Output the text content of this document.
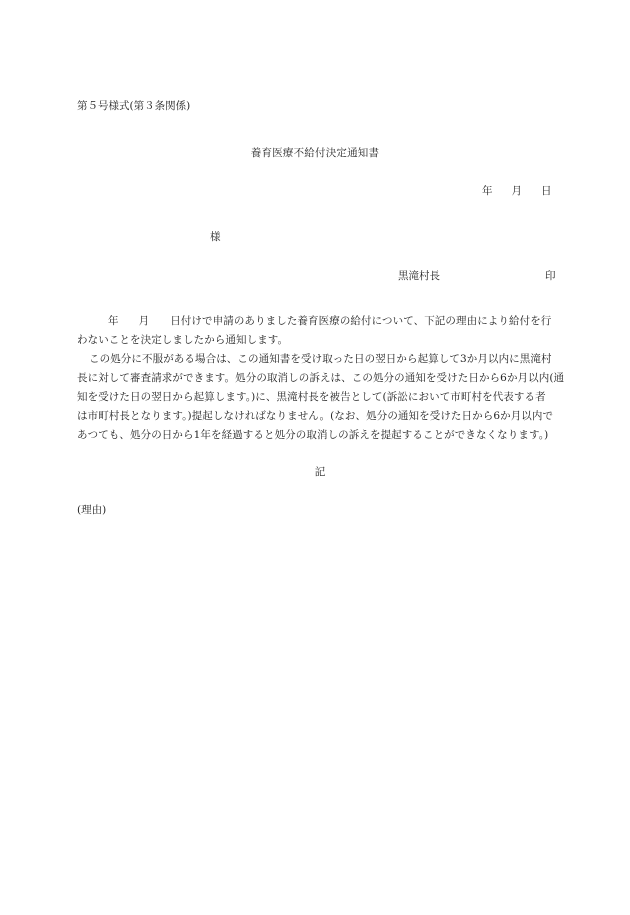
第５号様式(第３条関係)
養育医療不給付決定通知書
年 月 日
様
黒滝村長	印
年 月 日付けで申請のありました養育医療の給付について、下記の理由により給付を行
わないことを決定しましたから通知します。
この処分に不服がある場合は、この通知書を受け取った日の翌日から起算して3か月以内に黒滝村
長に対して審査請求ができます。処分の取消しの訴えは、この処分の通知を受けた日から6か月以内(通
知を受けた日の翌日から起算します。)に、黒滝村長を被告として(訴訟において市町村を代表する者
は市町村長となります。)提起しなければなりません。(なお、処分の通知を受けた日から6か月以内で
あつても、処分の日から1年を経過すると処分の取消しの訴えを提起することができなくなります。)
記
(理由)
